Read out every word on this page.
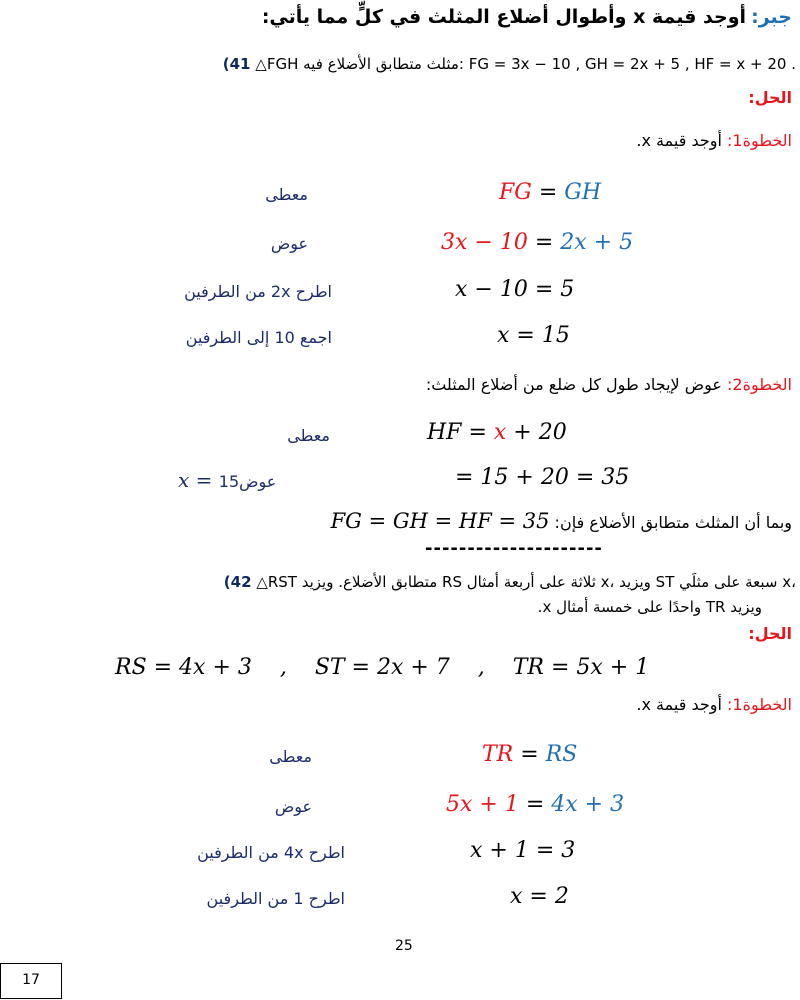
جبر: أوجد قيمة x وأطوال أضلاع المثلث في كلٍّ مما يأتي:
(41 △FGH مثلث متطابق الأضلاع فيه: FG = 3x − 10 , GH = 2x + 5 , HF = x + 20 .
الحل:
الخطوة1: أوجد قيمة x.
FG = GH
معطى
3x − 10 = 2x + 5
عوض
x − 10 = 5
اطرح 2x من الطرفين
x = 15
اجمع 10 إلى الطرفين
الخطوة2: عوض لإيجاد طول كل ضلع من أضلاع المثلث:
HF = x + 20
معطى
= 15 + 20 = 35
x = عوض15
وبما أن المثلث متطابق الأضلاع فإن: FG = GH = HF = 35
---------------------
(42 △RST متطابق الأضلاع. ويزيد RS ثلاثة على أربعة أمثال x، ويزيد ST سبعة على مثلَي x،
ويزيد TR واحدًا على خمسة أمثال x.
الحل:
RS = 4x + 3    ,    ST = 2x + 7    ,    TR = 5x + 1
الخطوة1: أوجد قيمة x.
TR = RS
معطى
5x + 1 = 4x + 3
عوض
x + 1 = 3
اطرح 4x من الطرفين
x = 2
اطرح 1 من الطرفين
25
17
